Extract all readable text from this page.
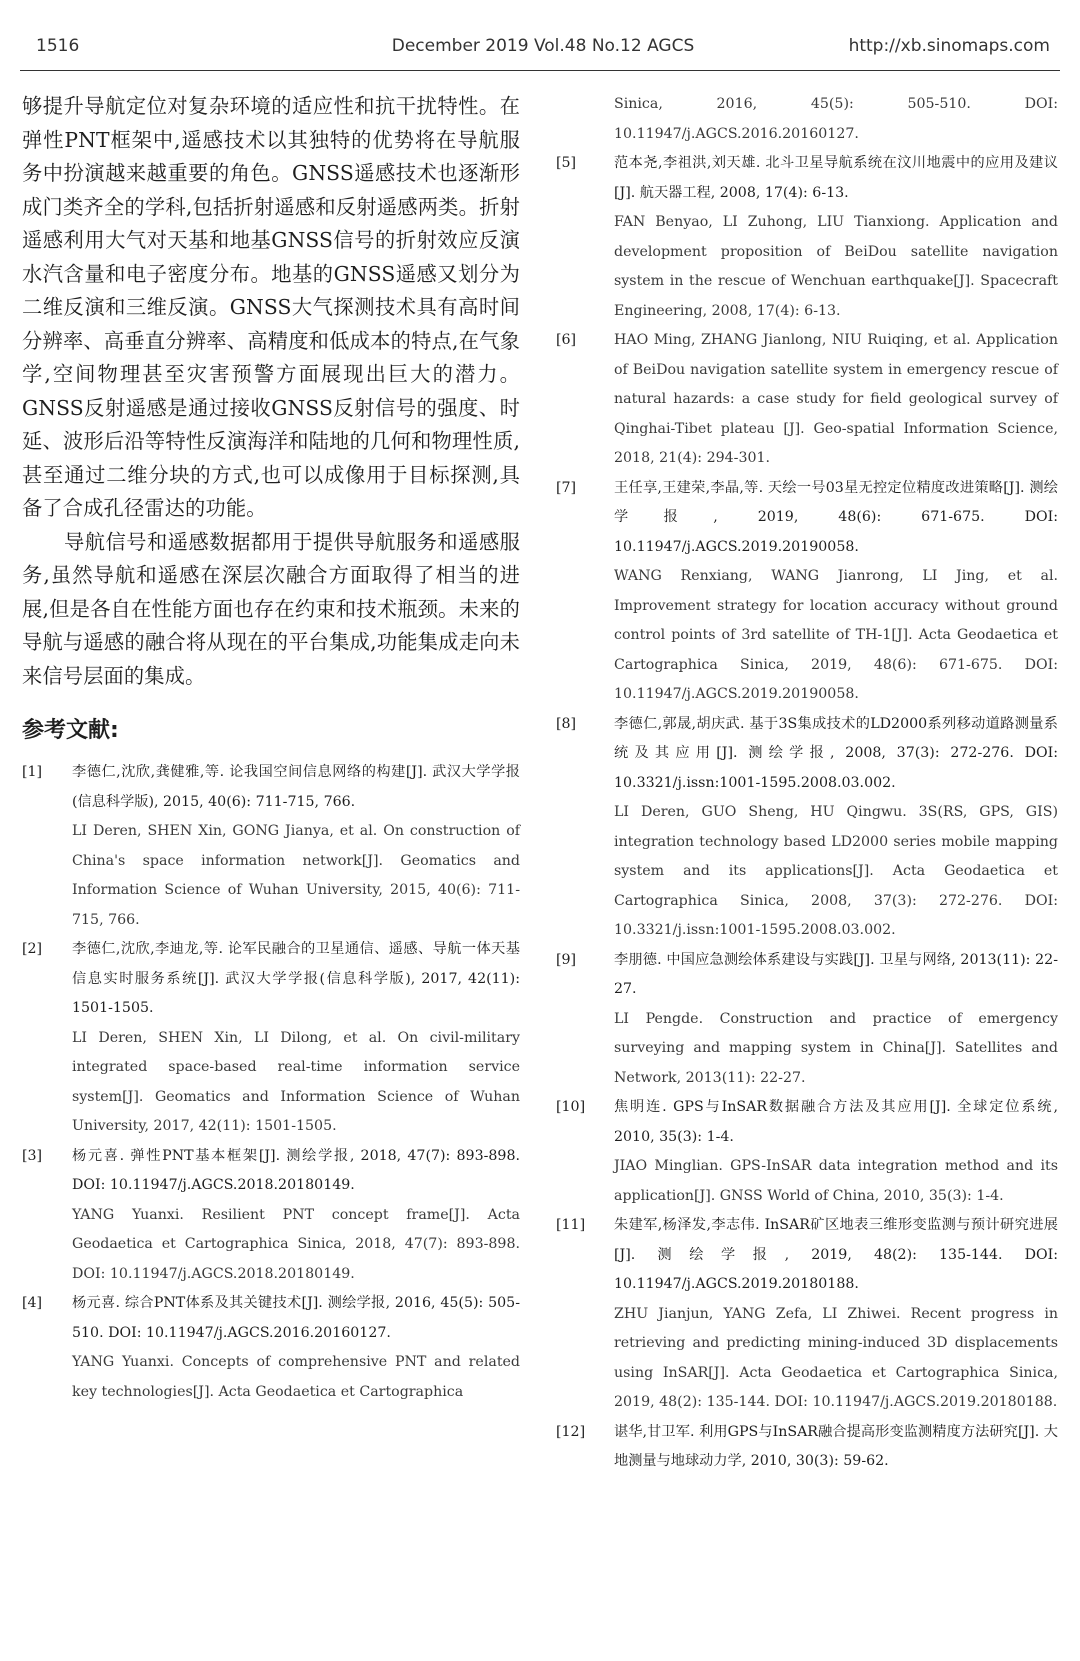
1516	December 2019 Vol.48 No.12 AGCS	http://xb.sinomaps.com

够提升导航定位对复杂环境的适应性和抗干扰特性。在弹性PNT框架中,遥感技术以其独特的优势将在导航服务中扮演越来越重要的角色。GNSS遥感技术也逐渐形成门类齐全的学科,包括折射遥感和反射遥感两类。折射遥感利用大气对天基和地基GNSS信号的折射效应反演水汽含量和电子密度分布。地基的GNSS遥感又划分为二维反演和三维反演。GNSS大气探测技术具有高时间分辨率、高垂直分辨率、高精度和低成本的特点,在气象学,空间物理甚至灾害预警方面展现出巨大的潜力。GNSS反射遥感是通过接收GNSS反射信号的强度、时延、波形后沿等特性反演海洋和陆地的几何和物理性质,甚至通过二维分块的方式,也可以成像用于目标探测,具备了合成孔径雷达的功能。

导航信号和遥感数据都用于提供导航服务和遥感服务,虽然导航和遥感在深层次融合方面取得了相当的进展,但是各自在性能方面也存在约束和技术瓶颈。未来的导航与遥感的融合将从现在的平台集成,功能集成走向未来信号层面的集成。

参考文献:
[1] 李德仁,沈欣,龚健雅,等. 论我国空间信息网络的构建[J]. 武汉大学学报(信息科学版), 2015, 40(6): 711-715, 766.

LI Deren, SHEN Xin, GONG Jianya, et al. On construction of China's space information network[J]. Geomatics and Information Science of Wuhan University, 2015, 40(6): 711-715, 766.

[2] 李德仁,沈欣,李迪龙,等. 论军民融合的卫星通信、遥感、导航一体天基信息实时服务系统[J]. 武汉大学学报(信息科学版), 2017, 42(11): 1501-1505.

LI Deren, SHEN Xin, LI Dilong, et al. On civil-military integrated space-based real-time information service system[J]. Geomatics and Information Science of Wuhan University, 2017, 42(11): 1501-1505.

[3] 杨元喜. 弹性PNT基本框架[J]. 测绘学报, 2018, 47(7): 893-898. DOI: 10.11947/j.AGCS.2018.20180149.

YANG Yuanxi. Resilient PNT concept frame[J]. Acta Geodaetica et Cartographica Sinica, 2018, 47(7): 893-898. DOI: 10.11947/j.AGCS.2018.20180149.

[4] 杨元喜. 综合PNT体系及其关键技术[J]. 测绘学报, 2016, 45(5): 505-510. DOI: 10.11947/j.AGCS.2016.20160127.

YANG Yuanxi. Concepts of comprehensive PNT and related key technologies[J]. Acta Geodaetica et Cartographica

Sinica, 2016, 45(5): 505-510. DOI: 10.11947/j.AGCS.2016.20160127.

[5]	范本尧,李祖洪,刘天雄. 北斗卫星导航系统在汶川地震中的应用及建议[J]. 航天器工程, 2008, 17(4): 6-13.

FAN Benyao, LI Zuhong, LIU Tianxiong. Application and development proposition of BeiDou satellite navigation system in the rescue of Wenchuan earthquake[J]. Spacecraft Engineering, 2008, 17(4): 6-13.

[6]	HAO Ming, ZHANG Jianlong, NIU Ruiqing, et al. Application of BeiDou navigation satellite system in emergency rescue of natural hazards: a case study for field geological survey of Qinghai-Tibet plateau [J]. Geo-spatial Information Science, 2018, 21(4): 294-301.

[7]	王任享,王建荣,李晶,等. 天绘一号03星无控定位精度改进策略[J]. 测绘学报, 2019, 48(6): 671-675. DOI: 10.11947/j.AGCS.2019.20190058.

WANG Renxiang, WANG Jianrong, LI Jing, et al. Improvement strategy for location accuracy without ground control points of 3rd satellite of TH-1[J]. Acta Geodaetica et Cartographica Sinica, 2019, 48(6): 671-675. DOI: 10.11947/j.AGCS.2019.20190058.

[8]	李德仁,郭晟,胡庆武. 基于3S集成技术的LD2000系列移动道路测量系统及其应用[J]. 测绘学报, 2008, 37(3): 272-276. DOI: 10.3321/j.issn:1001-1595.2008.03.002.

LI Deren, GUO Sheng, HU Qingwu. 3S(RS, GPS, GIS) integration technology based LD2000 series mobile mapping system and its applications[J]. Acta Geodaetica et Cartographica Sinica, 2008, 37(3): 272-276. DOI: 10.3321/j.issn:1001-1595.2008.03.002.

[9]	李朋德. 中国应急测绘体系建设与实践[J]. 卫星与网络, 2013(11): 22-27.

LI Pengde. Construction and practice of emergency surveying and mapping system in China[J]. Satellites and Network, 2013(11): 22-27.

[10] 焦明连. GPS与InSAR数据融合方法及其应用[J]. 全球定位系统, 2010, 35(3): 1-4.

JIAO Minglian. GPS-InSAR data integration method and its application[J]. GNSS World of China, 2010, 35(3): 1-4.

[11] 朱建军,杨泽发,李志伟. InSAR矿区地表三维形变监测与预计研究进展[J]. 测绘学报, 2019, 48(2): 135-144. DOI: 10.11947/j.AGCS.2019.20180188.

ZHU Jianjun, YANG Zefa, LI Zhiwei. Recent progress in retrieving and predicting mining-induced 3D displacements using InSAR[J]. Acta Geodaetica et Cartographica Sinica, 2019, 48(2): 135-144. DOI: 10.11947/j.AGCS.2019.20180188.

[12] 谌华,甘卫军. 利用GPS与InSAR融合提高形变监测精度方法研究[J]. 大地测量与地球动力学, 2010, 30(3): 59-62.
